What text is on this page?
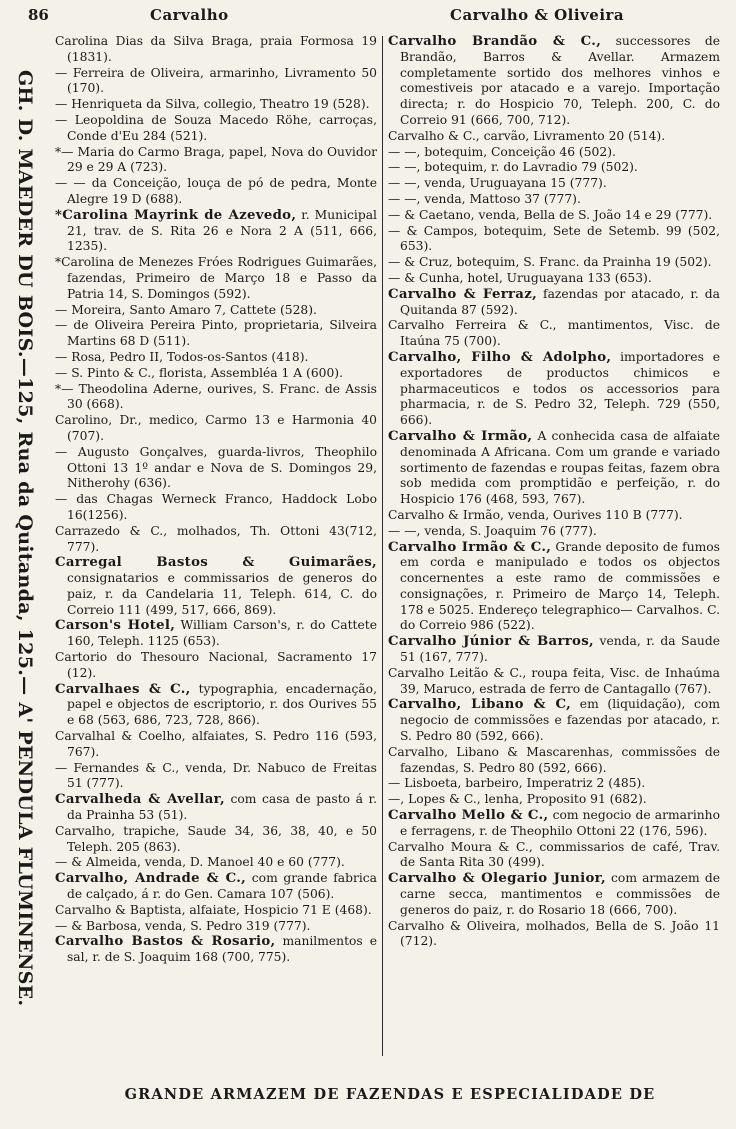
86	Carvalho	Carvalho & Oliveira
GH. D. MAEDER DU BOIS.—125, Rua da Quitanda, 125.— A' PENDULA FLUMINENSE.

Carolina Dias da Silva Braga, praia Formosa 19 (1831).

— Ferreira de Oliveira, armarinho, Livramento 50 (170).

— Henriqueta da Silva, collegio, Theatro 19 (528).

— Leopoldina de Souza Macedo Röhe, carroças, Conde d'Eu 284 (521).

*— Maria do Carmo Braga, papel, Nova do Ouvidor 29 e 29 A (723).

— — da Conceição, louça de pó de pedra, Monte Alegre 19 D (688).

*Carolina Mayrink de Azevedo, r. Municipal 21, trav. de S. Rita 26 e Nora 2 A (511, 666, 1235).

*Carolina de Menezes Fróes Rodrigues Guimarães, fazendas, Primeiro de Março 18 e Passo da Patria 14, S. Domingos (592).

— Moreira, Santo Amaro 7, Cattete (528).

— de Oliveira Pereira Pinto, proprietaria, Silveira Martins 68 D (511).

— Rosa, Pedro II, Todos-os-Santos (418).

— S. Pinto & C., florista, Assembléa 1 A (600).

*— Theodolina Aderne, ourives, S. Franc. de Assis 30 (668).

Carolino, Dr., medico, Carmo 13 e Harmonia 40 (707).

— Augusto Gonçalves, guarda-livros, Theophilo Ottoni 13 1º andar e Nova de S. Domingos 29, Nitherohy (636).

— das Chagas Werneck Franco, Haddock Lobo 16(1256).

Carrazedo & C., molhados, Th. Ottoni 43(712, 777).

Carregal Bastos & Guimarães, consignatarios e commissarios de generos do paiz, r. da Candelaria 11, Teleph. 614, C. do Correio 111 (499, 517, 666, 869).

Carson's Hotel, William Carson's, r. do Cattete 160, Teleph. 1125 (653).

Cartorio do Thesouro Nacional, Sacramento 17 (12).

Carvalhaes & C., typographia, encadernação, papel e objectos de escriptorio, r. dos Ourives 55 e 68 (563, 686, 723, 728, 866).

Carvalhal & Coelho, alfaiates, S. Pedro 116 (593, 767).

— Fernandes & C., venda, Dr. Nabuco de Freitas 51 (777).

Carvalheda & Avellar, com casa de pasto á r. da Prainha 53 (51).

Carvalho, trapiche, Saude 34, 36, 38, 40, e 50 Teleph. 205 (863).

— & Almeida, venda, D. Manoel 40 e 60 (777).

Carvalho, Andrade & C., com grande fabrica de calçado, á r. do Gen. Camara 107 (506).

Carvalho & Baptista, alfaiate, Hospicio 71 E (468).

— & Barbosa, venda, S. Pedro 319 (777).

Carvalho Bastos & Rosario, manilmentos e sal, r. de S. Joaquim 168 (700, 775).

Carvalho Brandão & C., successores de Brandão, Barros & Avellar. Armazem completamente sortido dos melhores vinhos e comestiveis por atacado e a varejo. Importação directa; r. do Hospicio 70, Teleph. 200, C. do Correio 91 (666, 700, 712).

Carvalho & C., carvão, Livramento 20 (514).

— —, botequim, Conceição 46 (502).

— —, botequim, r. do Lavradio 79 (502).

— —, venda, Uruguayana 15 (777).

— —, venda, Mattoso 37 (777).

— & Caetano, venda, Bella de S. João 14 e 29 (777).

— & Campos, botequim, Sete de Setemb. 99 (502, 653).

— & Cruz, botequim, S. Franc. da Prainha 19 (502).

— & Cunha, hotel, Uruguayana 133 (653).

Carvalho & Ferraz, fazendas por atacado, r. da Quitanda 87 (592).

Carvalho Ferreira & C., mantimentos, Visc. de Itaúna 75 (700).

Carvalho, Filho & Adolpho, importadores e exportadores de productos chimicos e pharmaceuticos e todos os accessorios para pharmacia, r. de S. Pedro 32, Teleph. 729 (550, 666).

Carvalho & Irmão, A conhecida casa de alfaiate denominada A Africana. Com um grande e variado sortimento de fazendas e roupas feitas, fazem obra sob medida com promptidão e perfeição, r. do Hospicio 176 (468, 593, 767).

Carvalho & Irmão, venda, Ourives 110 B (777).

— —, venda, S. Joaquim 76 (777).

Carvalho Irmão & C., Grande deposito de fumos em corda e manipulado e todos os objectos concernentes a este ramo de commissões e consignações, r. Primeiro de Março 14, Teleph. 178 e 5025. Endereço telegraphico— Carvalhos. C. do Correio 986 (522).

Carvalho Júnior & Barros, venda, r. da Saude 51 (167, 777).

Carvalho Leitão & C., roupa feita, Visc. de Inhaúma 39, Maruco, estrada de ferro de Cantagallo (767).

Carvalho, Libano & C, em (liquidação), com negocio de commissões e fazendas por atacado, r. S. Pedro 80 (592, 666).

Carvalho, Libano & Mascarenhas, commissões de fazendas, S. Pedro 80 (592, 666).

— Lisboeta, barbeiro, Imperatriz 2 (485).

—, Lopes & C., lenha, Proposito 91 (682).

Carvalho Mello & C., com negocio de armarinho e ferragens, r. de Theophilo Ottoni 22 (176, 596).

Carvalho Moura & C., commissarios de café, Trav. de Santa Rita 30 (499).

Carvalho & Olegario Junior, com armazem de carne secca, mantimentos e commissões de generos do paiz, r. do Rosario 18 (666, 700).

Carvalho & Oliveira, molhados, Bella de S. João 11 (712).

GRANDE ARMAZEM DE FAZENDAS E ESPECIALIDADE DE
